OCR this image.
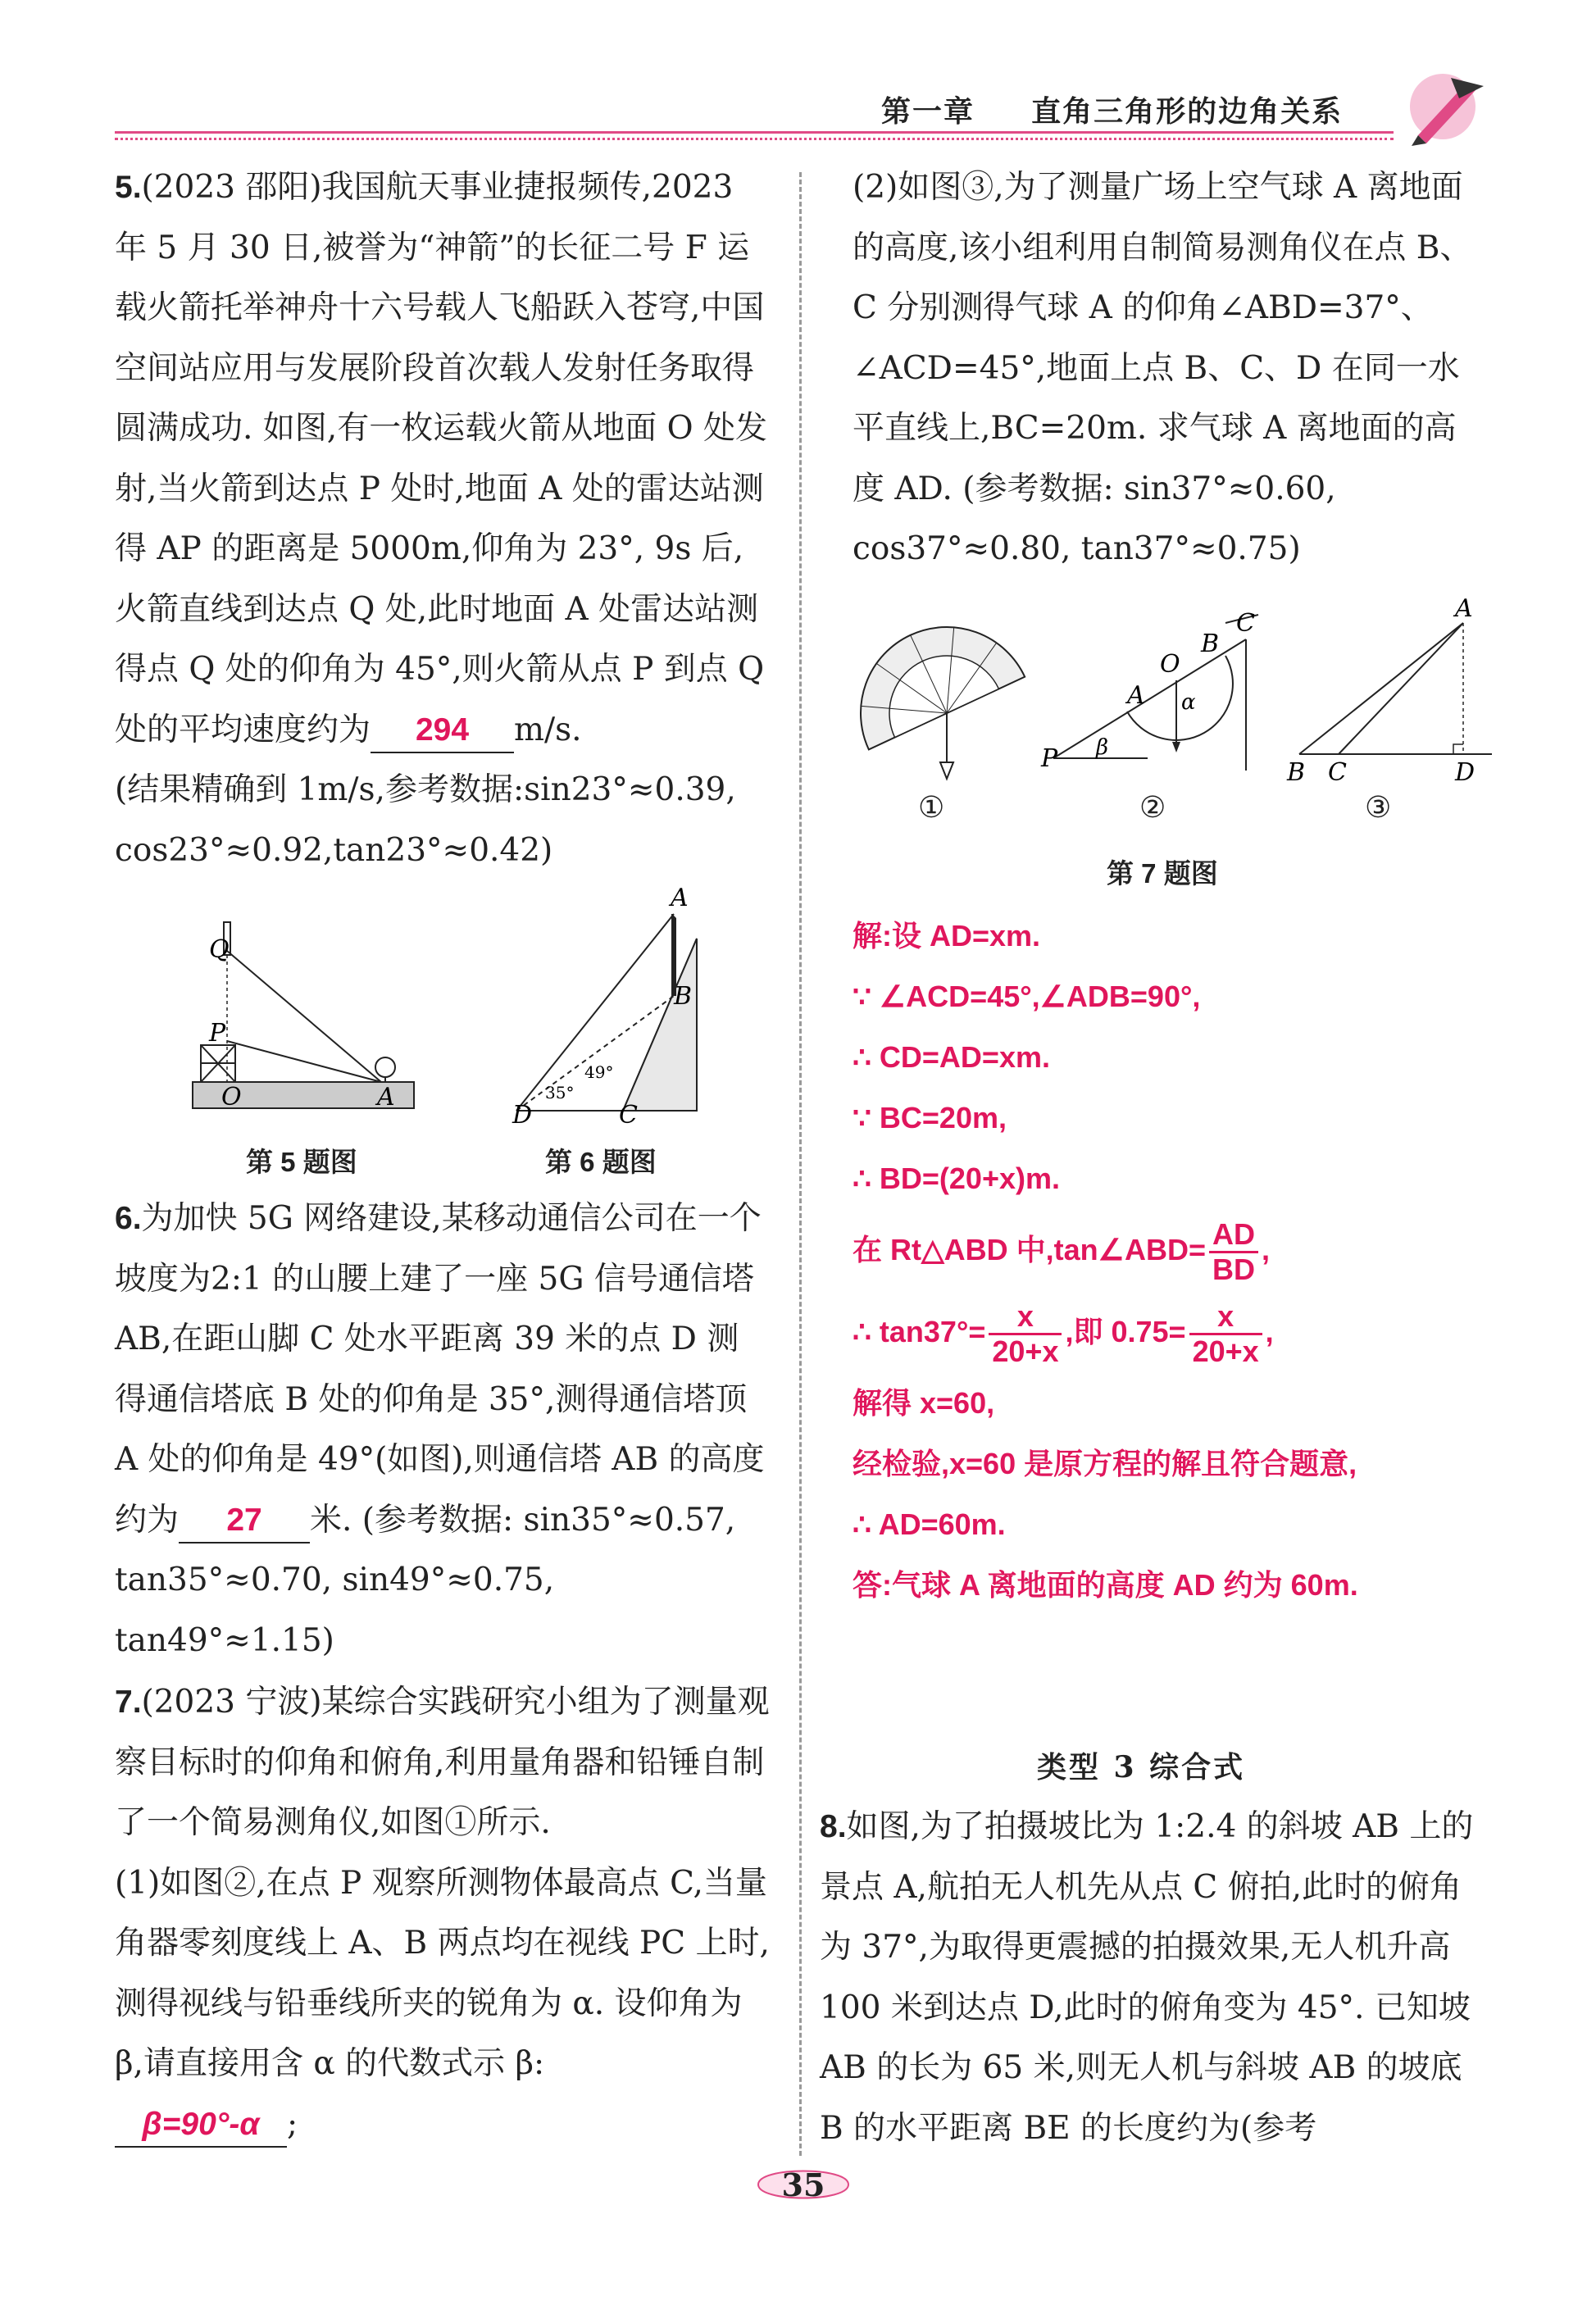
第一章 直角三角形的边角关系

5.(2023 邵阳)我国航天事业捷报频传,2023 年 5 月 30 日,被誉为“神箭”的长征二号 F 运载火箭托举神舟十六号载人飞船跃入苍穹,中国空间站应用与发展阶段首次载人发射任务取得圆满成功. 如图,有一枚运载火箭从地面 O 处发射,当火箭到达点 P 处时,地面 A 处的雷达站测得 AP 的距离是 5000m,仰角为 23°, 9s 后,火箭直线到达点 Q 处,此时地面 A 处雷达站测得点 Q 处的仰角为 45°,则火箭从点 P 到点 Q 处的平均速度约为 294 m/s.

(结果精确到 1m/s,参考数据:sin23°≈0.39, cos23°≈0.92,tan23°≈0.42)

Q
P
O	A
第 5 题图
A
B
D	C
35°
49°
第 6 题图

6.为加快 5G 网络建设,某移动通信公司在一个坡度为2:1 的山腰上建了一座 5G 信号通信塔 AB,在距山脚 C 处水平距离 39 米的点 D 测得通信塔底 B 处的仰角是 35°,测得通信塔顶 A 处的仰角是 49°(如图),则通信塔 AB 的高度约为 27 米. (参考数据: sin35°≈0.57, tan35°≈0.70, sin49°≈0.75, tan49°≈1.15)

7.(2023 宁波)某综合实践研究小组为了测量观察目标时的仰角和俯角,利用量角器和铅锤自制了一个简易测角仪,如图①所示.

(1)如图②,在点 P 观察所测物体最高点 C,当量角器零刻度线上 A、B 两点均在视线 PC 上时,测得视线与铅垂线所夹的锐角为 α. 设仰角为 β,请直接用含 α 的代数式示 β:

β=90°-α ;

(2)如图③,为了测量广场上空气球 A 离地面的高度,该小组利用自制简易测角仪在点 B、C 分别测得气球 A 的仰角∠ABD=37°、∠ACD=45°,地面上点 B、C、D 在同一水平直线上,BC=20m. 求气球 A 离地面的高度 AD. (参考数据: sin37°≈0.60, cos37°≈0.80, tan37°≈0.75)

P
A
O
B
C
α
β
A
B C	D
①	②	③
第 7 题图

解:设 AD=xm.

∵ ∠ACD=45°,∠ADB=90°,

∴ CD=AD=xm.

∵ BC=20m,

∴ BD=(20+x)m.

在 Rt△ABD 中,tan∠ABD= $\frac{AD}{BD}$ ,

∴ $\tan 37^\circ= \frac{x}{20+x}$ ,即 $0.75= \frac{x}{20+x}$ ,

解得 x=60,

经检验,x=60 是原方程的解且符合题意,

∴ AD=60m.

答:气球 A 离地面的高度 AD 约为 60m.

类型 3 综合式

8.如图,为了拍摄坡比为 1:2.4 的斜坡 AB 上的景点 A,航拍无人机先从点 C 俯拍,此时的俯角为 37°,为取得更震撼的拍摄效果,无人机升高 100 米到达点 D,此时的俯角变为 45°. 已知坡 AB 的长为 65 米,则无人机与斜坡 AB 的坡底 B 的水平距离 BE 的长度约为(参考

35
